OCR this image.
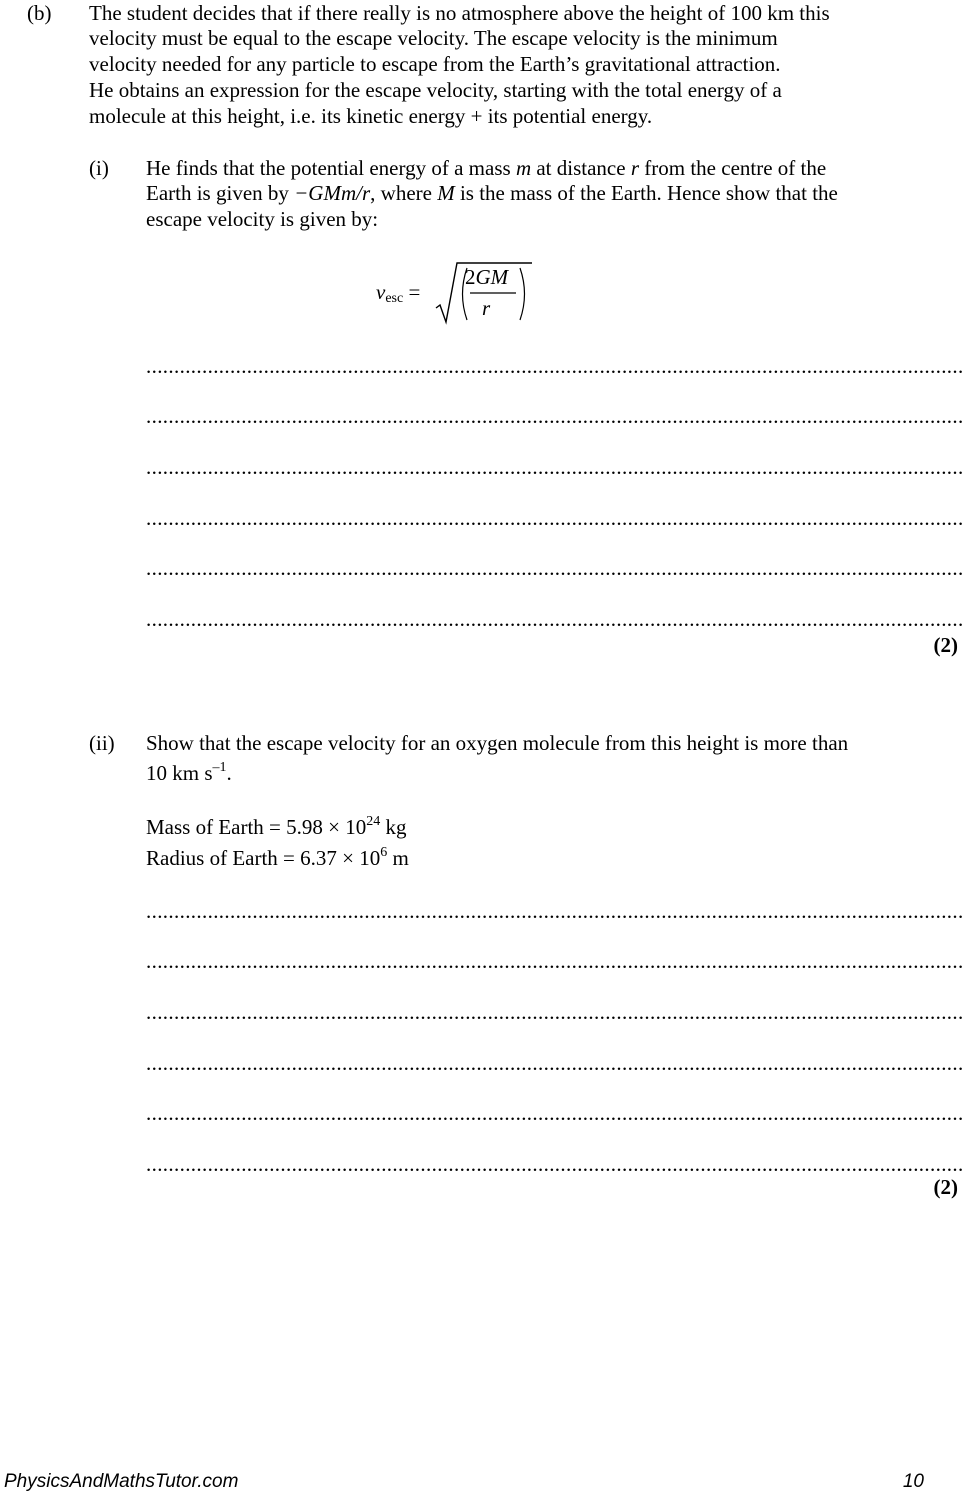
(b) The student decides that if there really is no atmosphere above the height of 100 km this
velocity must be equal to the escape velocity. The escape velocity is the minimum
velocity needed for any particle to escape from the Earth’s gravitational attraction.
He obtains an expression for the escape velocity, starting with the total energy of a
molecule at this height, i.e. its kinetic energy + its potential energy.
(i) He finds that the potential energy of a mass m at distance r from the centre of the
Earth is given by −GMm/r, where M is the mass of the Earth. Hence show that the
escape velocity is given by:
$v_{esc}$ =
2GM
r
..................................................................................................................................................
..................................................................................................................................................
..................................................................................................................................................
..................................................................................................................................................
..................................................................................................................................................
..................................................................................................................................................
(2)
(ii) Show that the escape velocity for an oxygen molecule from this height is more than
10 km $s^{-1}$.
Mass of Earth = $5.98 \times 10^{24}$ kg
Radius of Earth = $6.37 \times 10^6$ m
..................................................................................................................................................
..................................................................................................................................................
..................................................................................................................................................
..................................................................................................................................................
..................................................................................................................................................
..................................................................................................................................................
(2)
PhysicsAndMathsTutor.com	10
